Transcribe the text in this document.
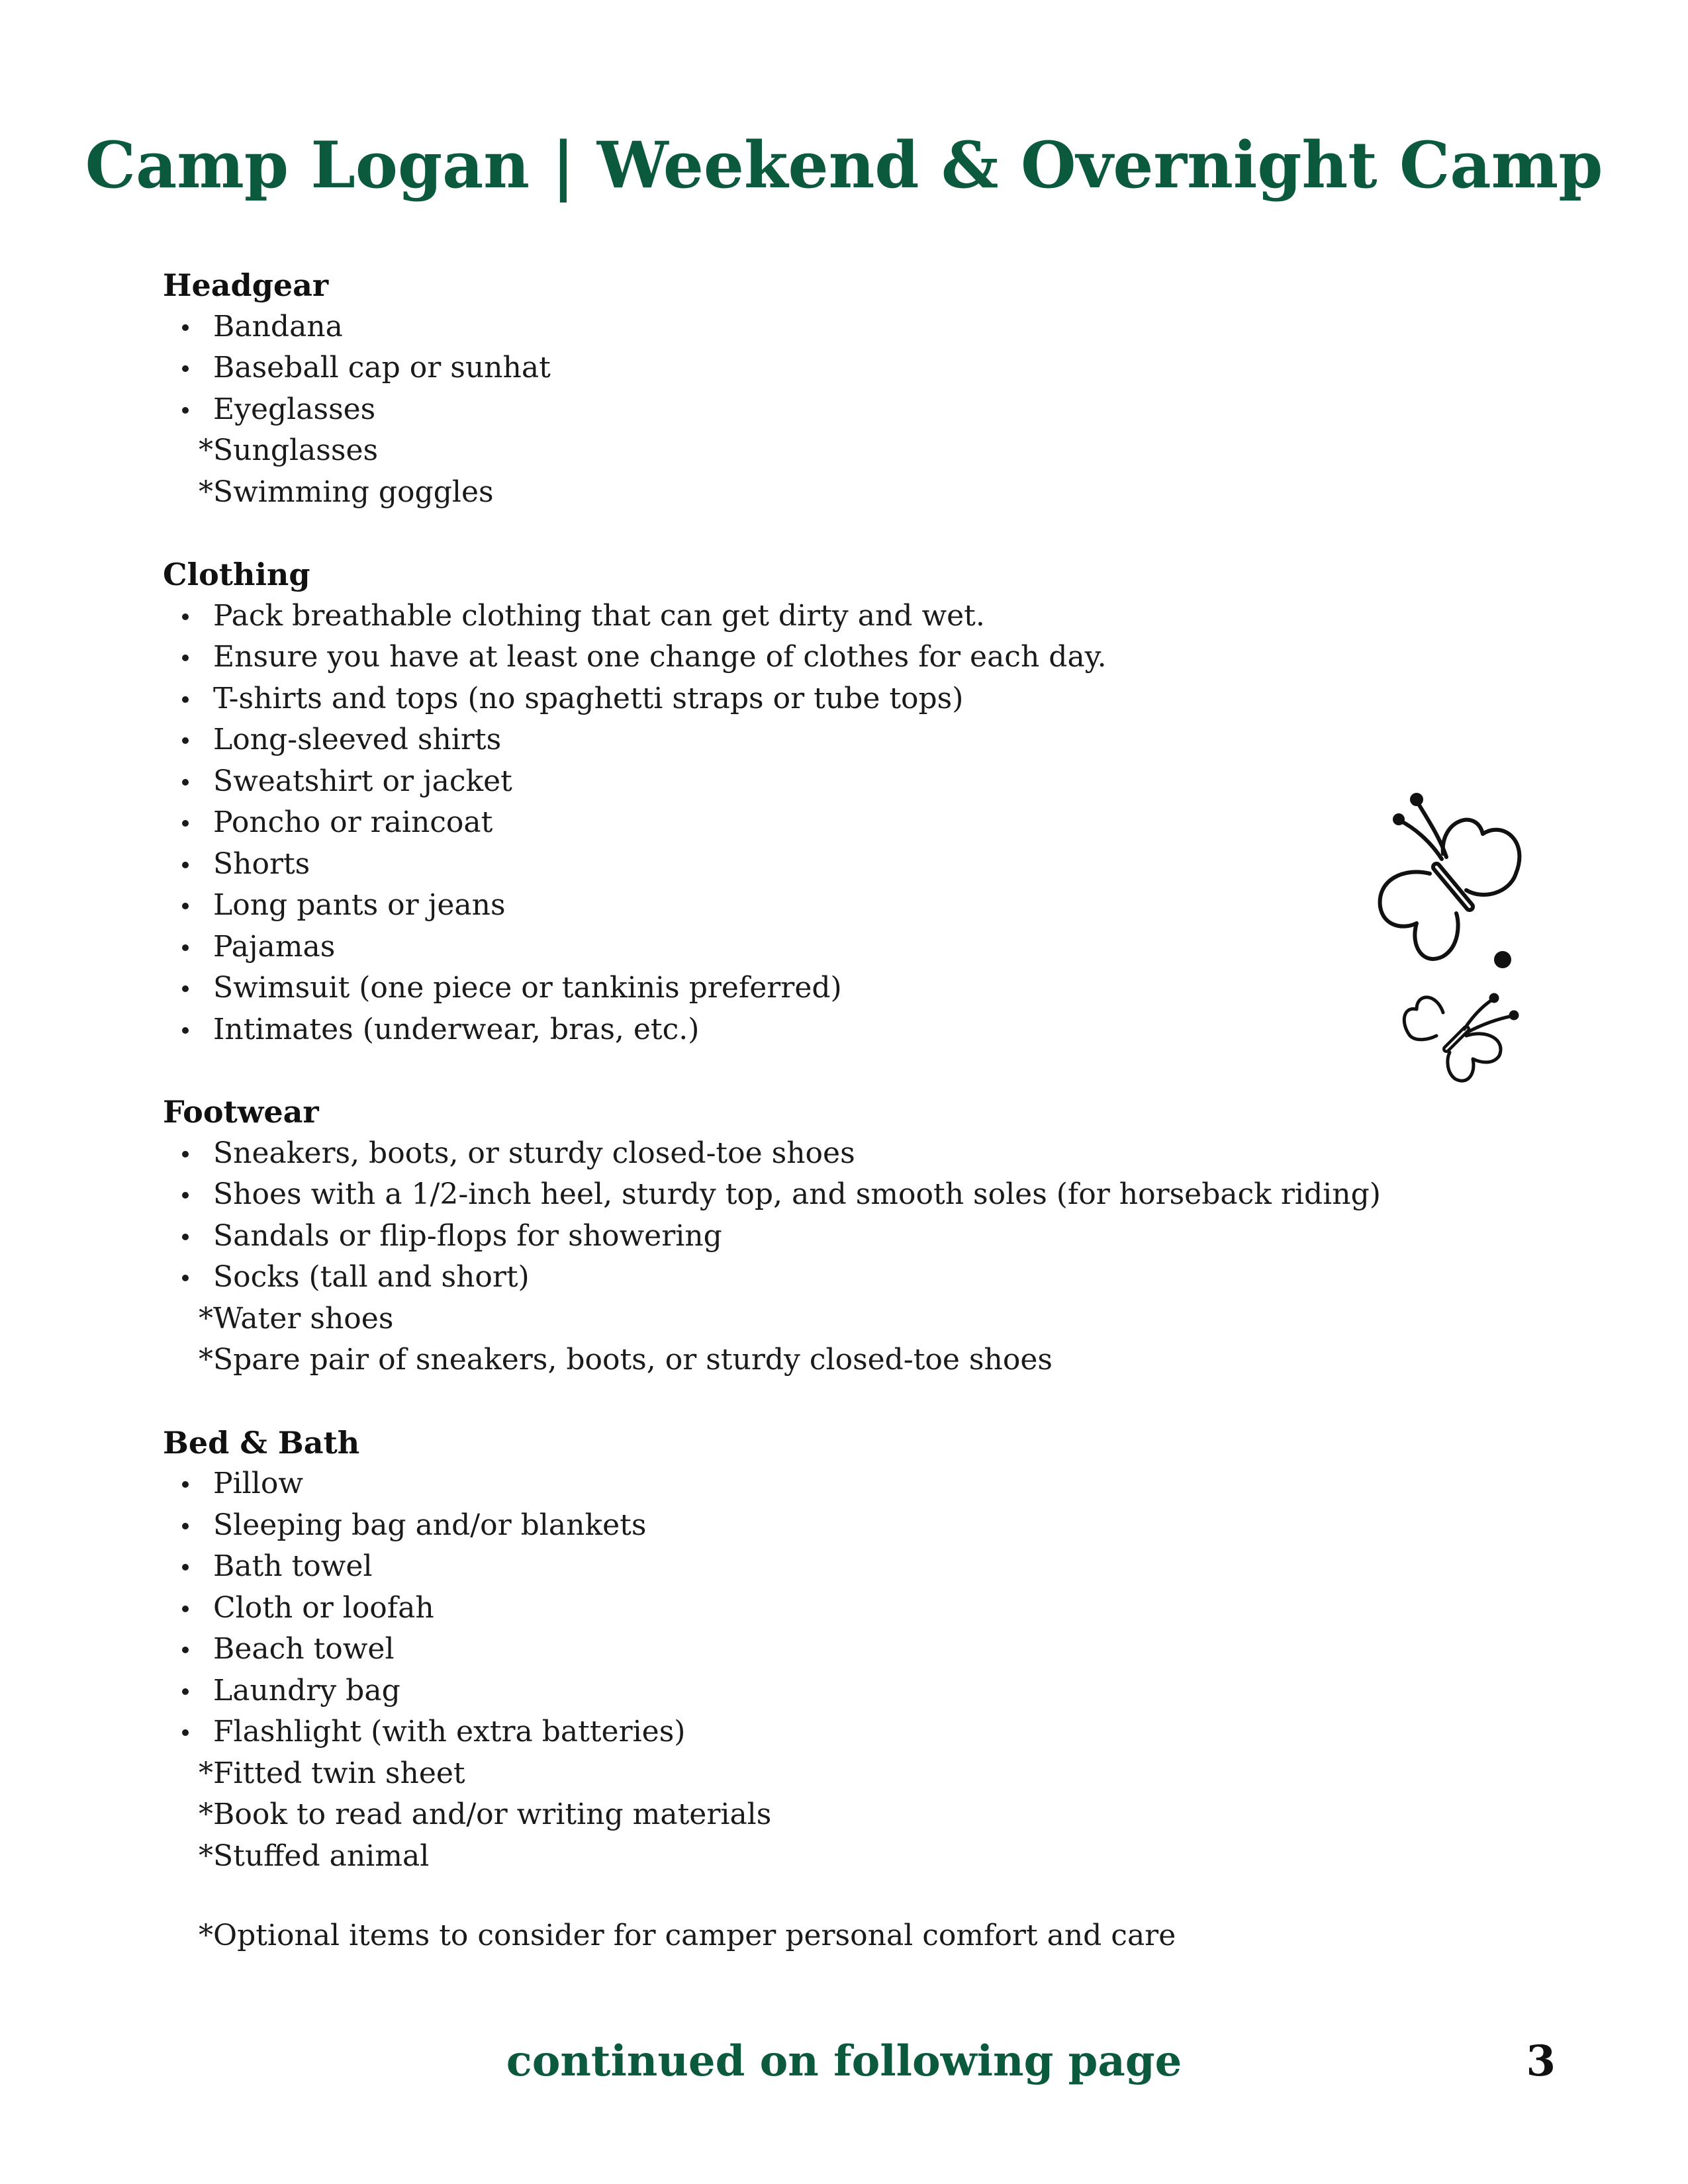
Camp Logan | Weekend & Overnight Camp
Headgear
Bandana
Baseball cap or sunhat
Eyeglasses
*Sunglasses
*Swimming goggles
Clothing
Pack breathable clothing that can get dirty and wet.
Ensure you have at least one change of clothes for each day.
T-shirts and tops (no spaghetti straps or tube tops)
Long-sleeved shirts
Sweatshirt or jacket
Poncho or raincoat
Shorts
Long pants or jeans
Pajamas
Swimsuit (one piece or tankinis preferred)
Intimates (underwear, bras, etc.)
Footwear
Sneakers, boots, or sturdy closed-toe shoes
Shoes with a 1/2-inch heel, sturdy top, and smooth soles (for horseback riding)
Sandals or flip-flops for showering
Socks (tall and short)
*Water shoes
*Spare pair of sneakers, boots, or sturdy closed-toe shoes
Bed & Bath
Pillow
Sleeping bag and/or blankets
Bath towel
Cloth or loofah
Beach towel
Laundry bag
Flashlight (with extra batteries)
*Fitted twin sheet
*Book to read and/or writing materials
*Stuffed animal
*Optional items to consider for camper personal comfort and care
continued on following page	3
